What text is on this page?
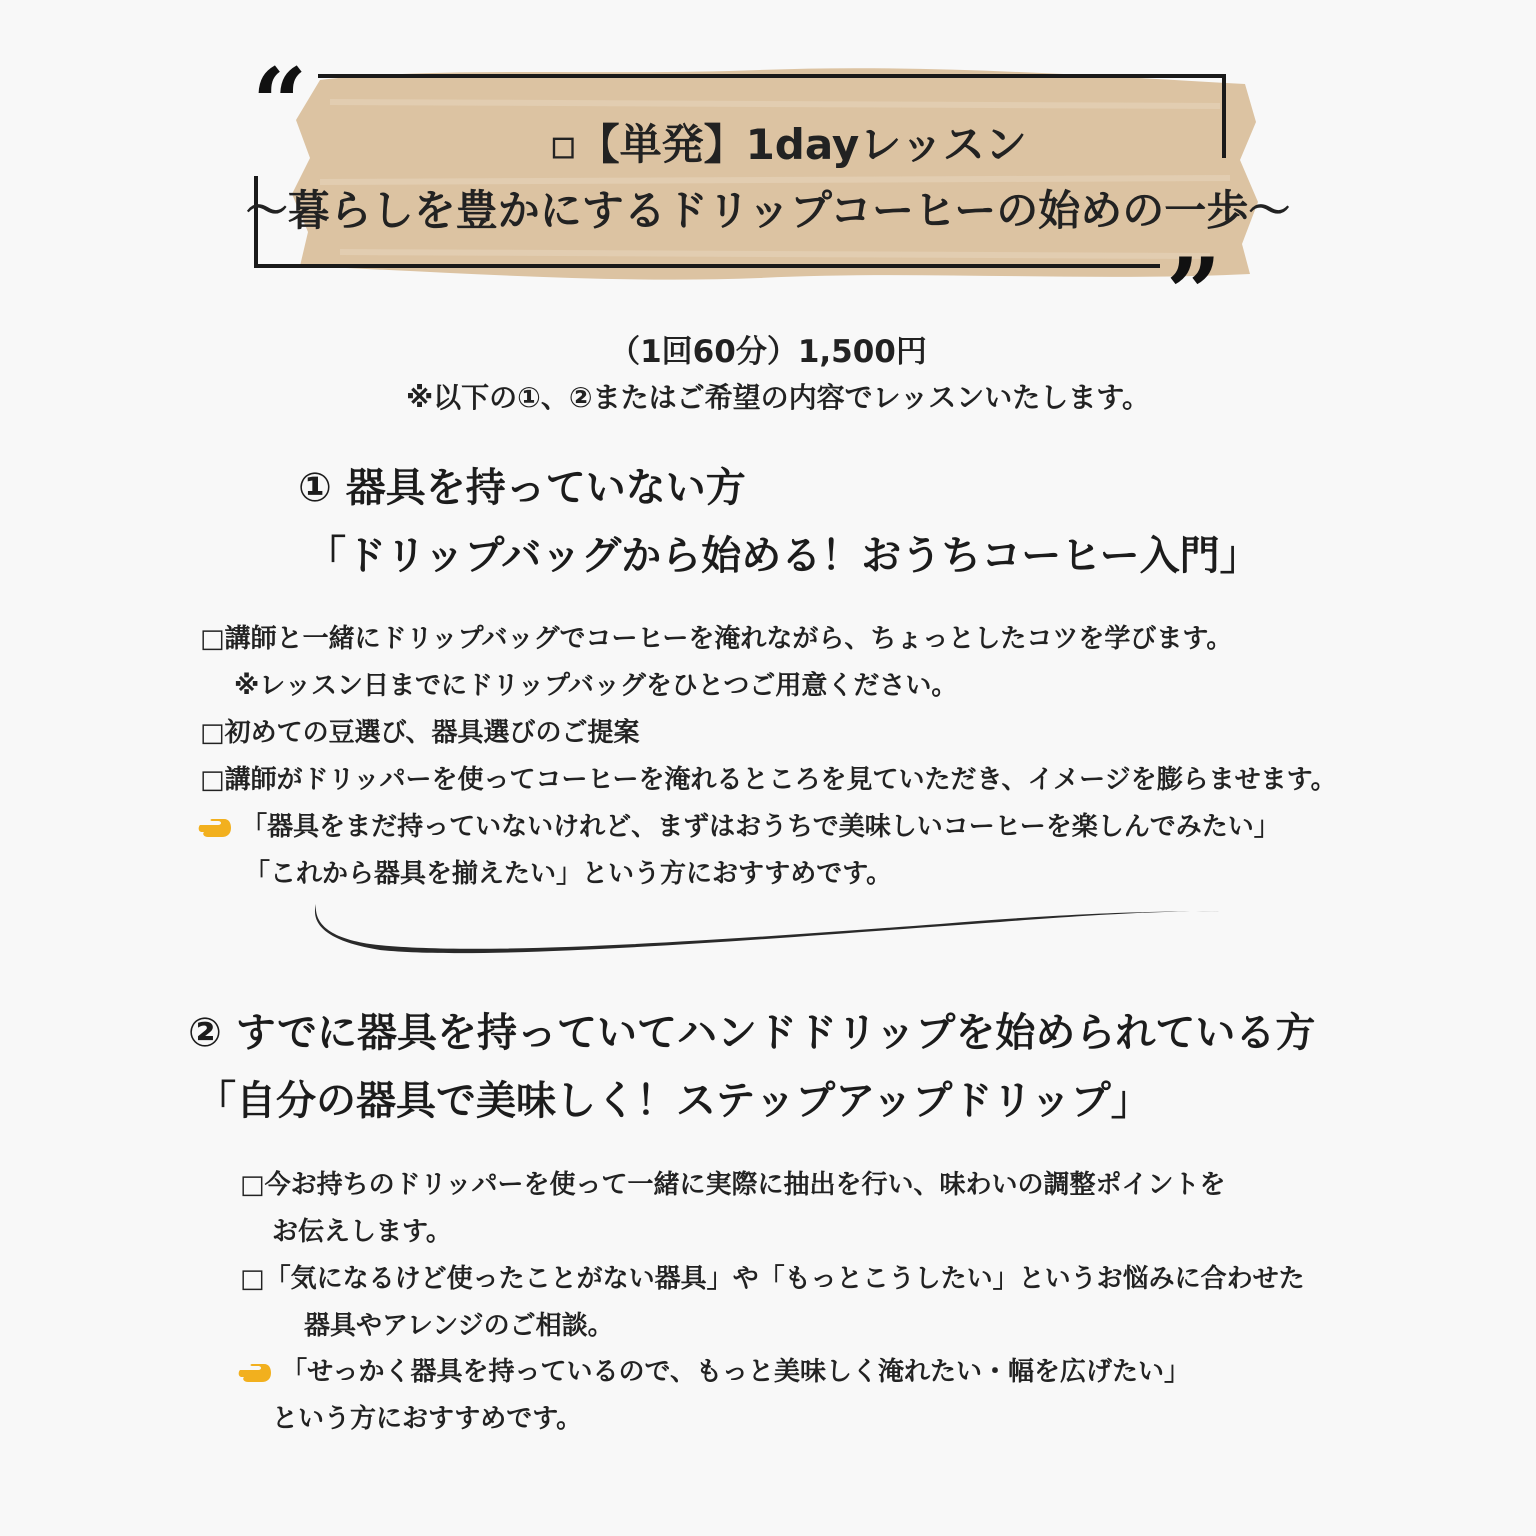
“
”
▫【単発】1dayレッスン
〜暮らしを豊かにするドリップコーヒーの始めの一歩〜
（1回60分）1,500円
※以下の①、②またはご希望の内容でレッスンいたします。
① 器具を持っていない方
「ドリップバッグから始める！おうちコーヒー入門」
□講師と一緒にドリップバッグでコーヒーを淹れながら、ちょっとしたコツを学びます。
※レッスン日までにドリップバッグをひとつご用意ください。
□初めての豆選び、器具選びのご提案
□講師がドリッパーを使ってコーヒーを淹れるところを見ていただき、イメージを膨らませます。
「器具をまだ持っていないけれど、まずはおうちで美味しいコーヒーを楽しんでみたい」
「これから器具を揃えたい」という方におすすめです。
② すでに器具を持っていてハンドドリップを始められている方
「自分の器具で美味しく！ステップアップドリップ」
□今お持ちのドリッパーを使って一緒に実際に抽出を行い、味わいの調整ポイントを
お伝えします。
□「気になるけど使ったことがない器具」や「もっとこうしたい」というお悩みに合わせた
器具やアレンジのご相談。
「せっかく器具を持っているので、もっと美味しく淹れたい・幅を広げたい」
という方におすすめです。
